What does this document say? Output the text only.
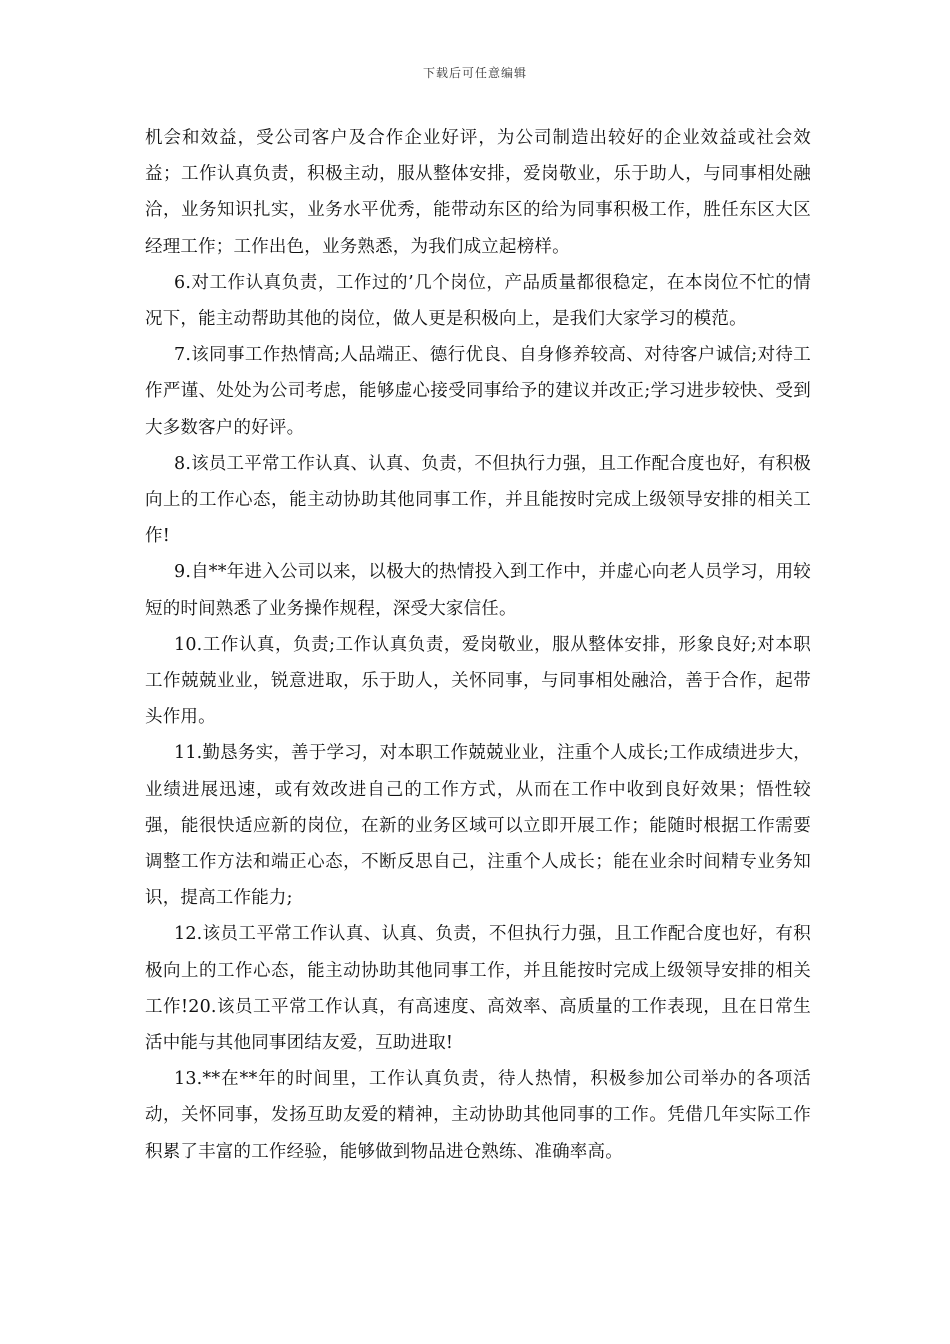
下载后可任意编辑

机会和效益，受公司客户及合作企业好评，为公司制造出较好的企业效益或社会效益；工作认真负责，积极主动，服从整体安排，爱岗敬业，乐于助人，与同事相处融洽，业务知识扎实，业务水平优秀，能带动东区的给为同事积极工作，胜任东区大区经理工作；工作出色，业务熟悉，为我们成立起榜样。

6.对工作认真负责，工作过的’几个岗位，产品质量都很稳定，在本岗位不忙的情况下，能主动帮助其他的岗位，做人更是积极向上，是我们大家学习的模范。

7.该同事工作热情高;人品端正、德行优良、自身修养较高、对待客户诚信;对待工作严谨、处处为公司考虑，能够虚心接受同事给予的建议并改正;学习进步较快、受到大多数客户的好评。

8.该员工平常工作认真、认真、负责，不但执行力强，且工作配合度也好，有积极向上的工作心态，能主动协助其他同事工作，并且能按时完成上级领导安排的相关工作!

9.自**年进入公司以来，以极大的热情投入到工作中，并虚心向老人员学习，用较短的时间熟悉了业务操作规程，深受大家信任。

10.工作认真，负责;工作认真负责，爱岗敬业，服从整体安排，形象良好;对本职工作兢兢业业，锐意进取，乐于助人，关怀同事，与同事相处融洽，善于合作，起带头作用。

11.勤恳务实，善于学习，对本职工作兢兢业业，注重个人成长;工作成绩进步大，业绩进展迅速，或有效改进自己的工作方式，从而在工作中收到良好效果；悟性较强，能很快适应新的岗位，在新的业务区域可以立即开展工作；能随时根据工作需要调整工作方法和端正心态，不断反思自己，注重个人成长；能在业余时间精专业务知识，提高工作能力;

12.该员工平常工作认真、认真、负责，不但执行力强，且工作配合度也好，有积极向上的工作心态，能主动协助其他同事工作，并且能按时完成上级领导安排的相关工作!20.该员工平常工作认真，有高速度、高效率、高质量的工作表现，且在日常生活中能与其他同事团结友爱，互助进取!

13.**在**年的时间里，工作认真负责，待人热情，积极参加公司举办的各项活动，关怀同事，发扬互助友爱的精神，主动协助其他同事的工作。凭借几年实际工作积累了丰富的工作经验，能够做到物品进仓熟练、准确率高。
